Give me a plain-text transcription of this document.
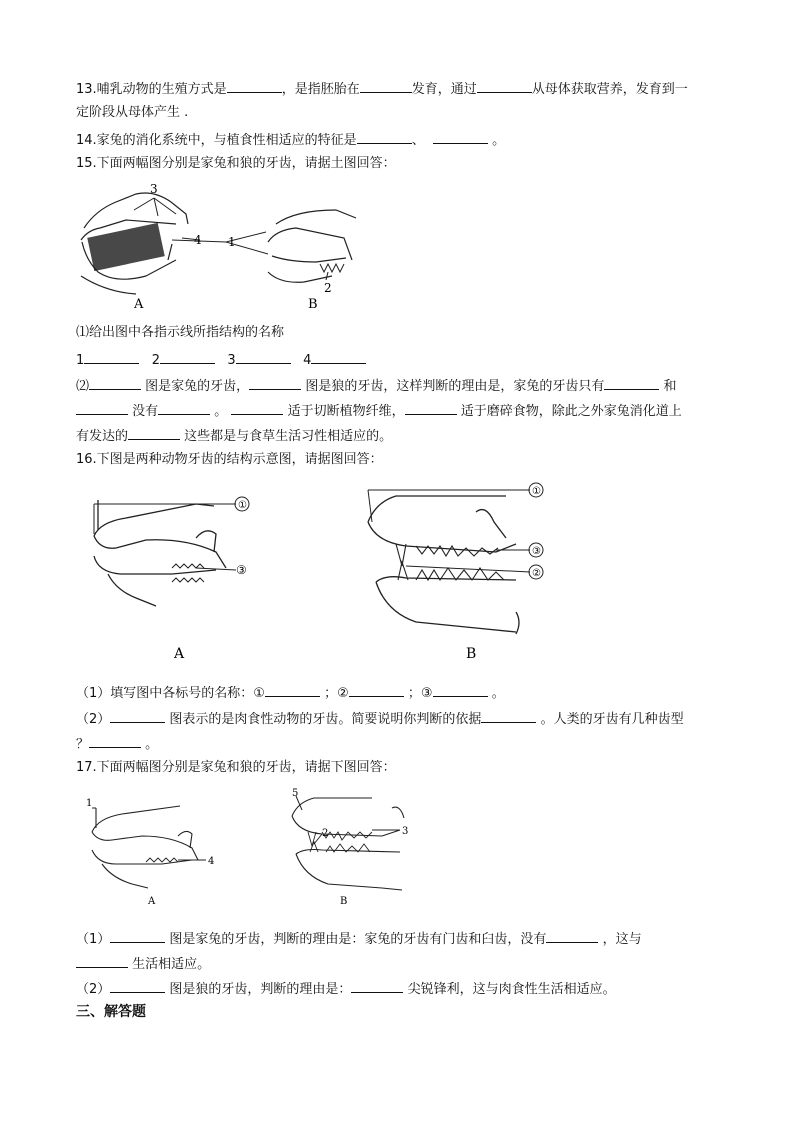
13.哺乳动物的生殖方式是	，是指胚胎在	发育，通过	从母体获取营养，发育到一
定阶段从母体产生 .
14.家兔的消化系统中，与植食性相适应的特征是	、	。
15.下面两幅图分别是家兔和狼的牙齿，请据土图回答：
3
4 1
2
A	B
⑴给出图中各指示线所指结构的名称
1	2	3	4
⑵	图是家兔的牙齿，	图是狼的牙齿，这样判断的理由是，家兔的牙齿只有	和
没有	。	适于切断植物纤维，	适于磨碎食物，除此之外家兔消化道上
有发达的	这些都是与食草生活习性相适应的。
16.下图是两种动物牙齿的结构示意图，请据图回答：
①
③
①
③
②
A	B
（1）填写图中各标号的名称：①	；②	；③	。
（2）	图表示的是肉食性动物的牙齿。简要说明你判断的依据	。人类的牙齿有几种齿型
？	。
17.下面两幅图分别是家兔和狼的牙齿，请据下图回答：
1
4
5
2	3
A	B
（1）	图是家兔的牙齿，判断的理由是：家兔的牙齿有门齿和臼齿，没有	，这与
生活相适应。
（2）	图是狼的牙齿，判断的理由是：	尖锐锋利，这与肉食性生活相适应。
三、解答题
